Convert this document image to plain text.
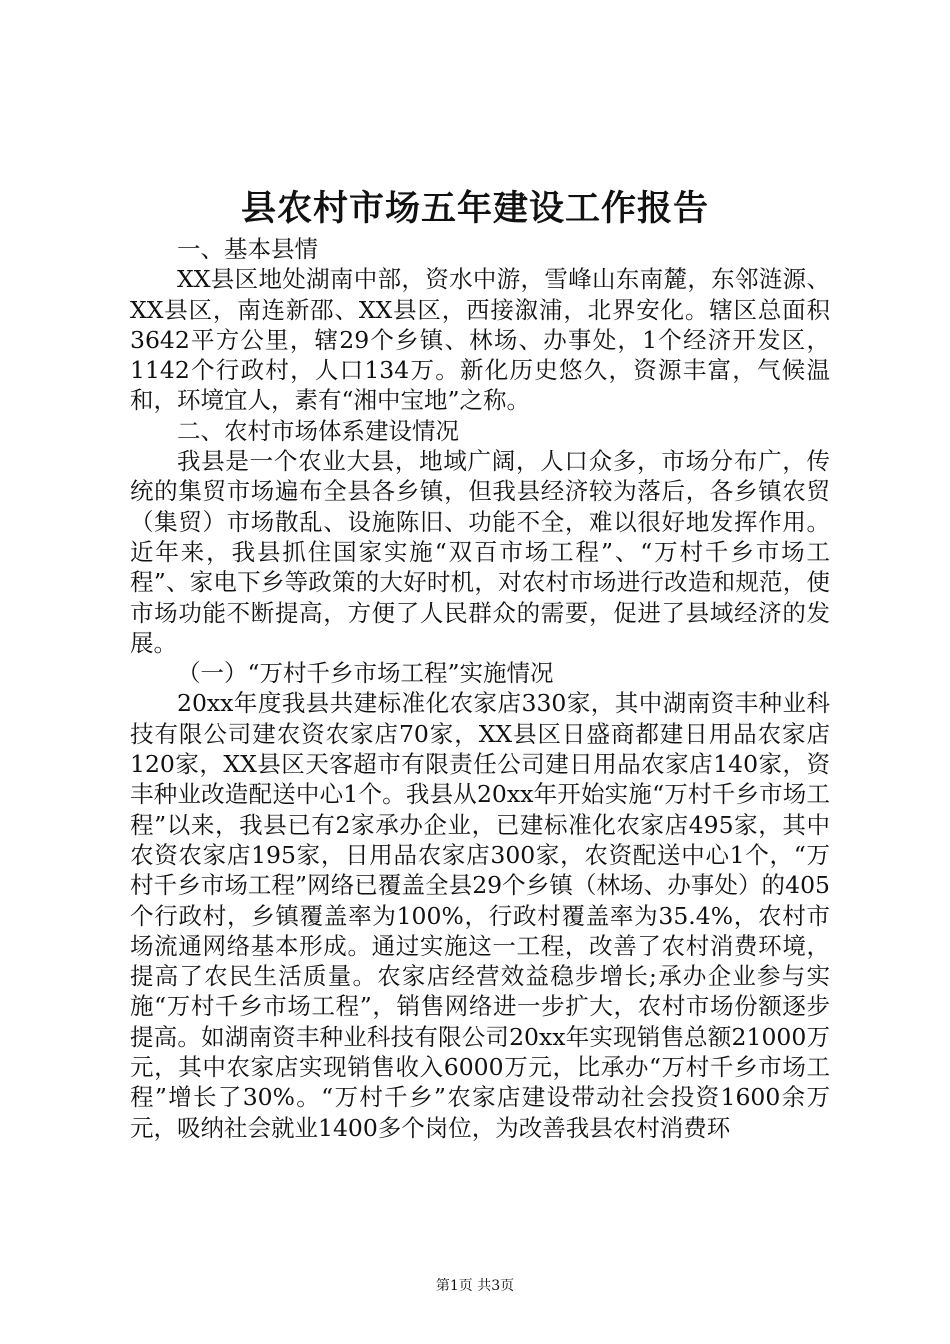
县农村市场五年建设工作报告

一、基本县情

XX县区地处湖南中部，资水中游，雪峰山东南麓，东邻涟源、XX县区，南连新邵、XX县区，西接溆浦，北界安化。辖区总面积3642平方公里，辖29个乡镇、林场、办事处，1个经济开发区，1142个行政村，人口134万。新化历史悠久，资源丰富，气候温和，环境宜人，素有“湘中宝地”之称。

二、农村市场体系建设情况

我县是一个农业大县，地域广阔，人口众多，市场分布广，传统的集贸市场遍布全县各乡镇，但我县经济较为落后，各乡镇农贸（集贸）市场散乱、设施陈旧、功能不全，难以很好地发挥作用。近年来，我县抓住国家实施“双百市场工程”、“万村千乡市场工程”、家电下乡等政策的大好时机，对农村市场进行改造和规范，使市场功能不断提高，方便了人民群众的需要，促进了县域经济的发展。

（一）“万村千乡市场工程”实施情况

20xx年度我县共建标准化农家店330家，其中湖南资丰种业科技有限公司建农资农家店70家，XX县区日盛商都建日用品农家店120家，XX县区天客超市有限责任公司建日用品农家店140家，资丰种业改造配送中心1个。我县从20xx年开始实施“万村千乡市场工程”以来，我县已有2家承办企业，已建标准化农家店495家，其中农资农家店195家，日用品农家店300家，农资配送中心1个，“万村千乡市场工程”网络已覆盖全县29个乡镇（林场、办事处）的405个行政村，乡镇覆盖率为100%，行政村覆盖率为35.4%，农村市场流通网络基本形成。通过实施这一工程，改善了农村消费环境，提高了农民生活质量。农家店经营效益稳步增长;承办企业参与实施“万村千乡市场工程”，销售网络进一步扩大，农村市场份额逐步提高。如湖南资丰种业科技有限公司20xx年实现销售总额21000万元，其中农家店实现销售收入6000万元，比承办“万村千乡市场工程”增长了30%。“万村千乡”农家店建设带动社会投资1600余万元，吸纳社会就业1400多个岗位，为改善我县农村消费环

第1页 共3页
